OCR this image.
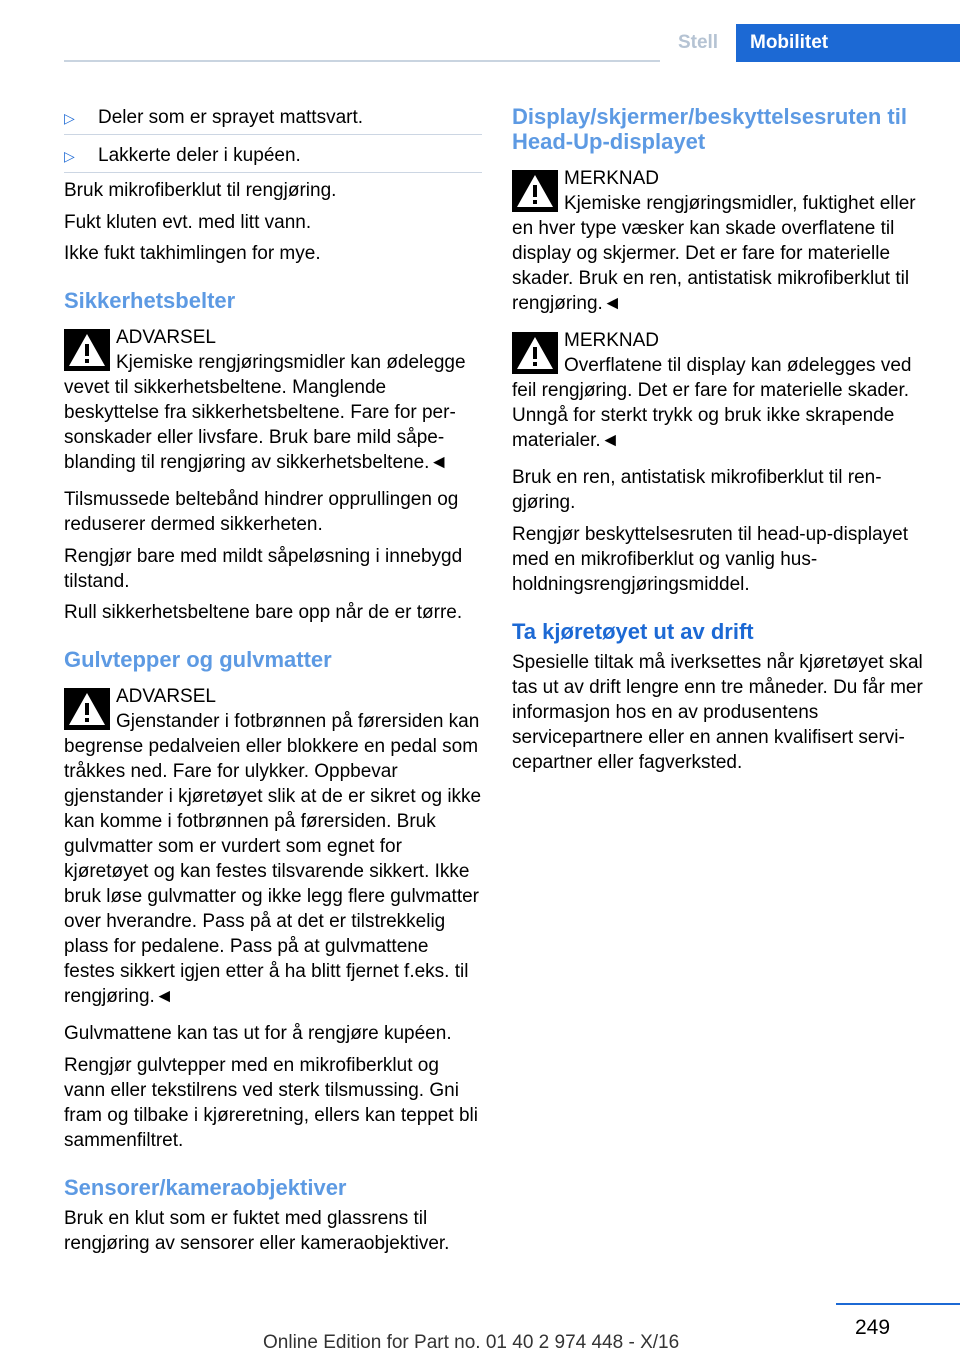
Stell	Mobilitet
▷	Deler som er sprayet mattsvart.
▷	Lakkerte deler i kupéen.

Bruk mikrofiberklut til rengjøring.

Fukt kluten evt. med litt vann.

Ikke fukt takhimlingen for mye.

Sikkerhetsbelter
ADVARSEL
Kjemiske rengjøringsmidler kan ødelegge vevet til sikkerhetsbeltene. Manglende beskyttelse fra sikkerhetsbeltene. Fare for personskader eller livsfare. Bruk bare mild såpeblanding til rengjøring av sikkerhetsbeltene.◄

Tilsmussede beltebånd hindrer opprullingen og reduserer dermed sikkerheten.

Rengjør bare med mildt såpeløsning i innebygd tilstand.

Rull sikkerhetsbeltene bare opp når de er tørre.

Gulvtepper og gulvmatter
ADVARSEL
Gjenstander i fotbrønnen på førersiden kan begrense pedalveien eller blokkere en pedal som tråkkes ned. Fare for ulykker. Oppbevar gjenstander i kjøretøyet slik at de er sikret og ikke kan komme i fotbrønnen på førersiden. Bruk gulvmatter som er vurdert som egnet for kjøretøyet og kan festes tilsvarende sikkert. Ikke bruk løse gulvmatter og ikke legg flere gulvmatter over hverandre. Pass på at det er tilstrekkelig plass for pedalene. Pass på at gulvmattene festes sikkert igjen etter å ha blitt fjernet f.eks. til rengjøring.◄

Gulvmattene kan tas ut for å rengjøre kupéen.

Rengjør gulvtepper med en mikrofiberklut og vann eller tekstilrens ved sterk tilsmussing. Gni fram og tilbake i kjøreretning, ellers kan teppet bli sammenfiltret.

Sensorer/kameraobjektiver

Bruk en klut som er fuktet med glassrens til rengjøring av sensorer eller kameraobjektiver.

Display/skjermer/beskyttelsesruten til Head-Up-displayet
MERKNAD
Kjemiske rengjøringsmidler, fuktighet eller en hver type væsker kan skade overflatene til display og skjermer. Det er fare for materielle skader. Bruk en ren, antistatisk mikrofiberklut til rengjøring.◄
MERKNAD
Overflatene til display kan ødelegges ved feil rengjøring. Det er fare for materielle skader. Unngå for sterkt trykk og bruk ikke skrapende materialer.◄

Bruk en ren, antistatisk mikrofiberklut til rengjøring.

Rengjør beskyttelsesruten til head-up-displayet med en mikrofiberklut og vanlig husholdningsrengjøringsmiddel.

Ta kjøretøyet ut av drift

Spesielle tiltak må iverksettes når kjøretøyet skal tas ut av drift lengre enn tre måneder. Du får mer informasjon hos en av produsentens servicepartnere eller en annen kvalifisert servicepartner eller fagverksted.

249
Online Edition for Part no. 01 40 2 974 448 - X/16
